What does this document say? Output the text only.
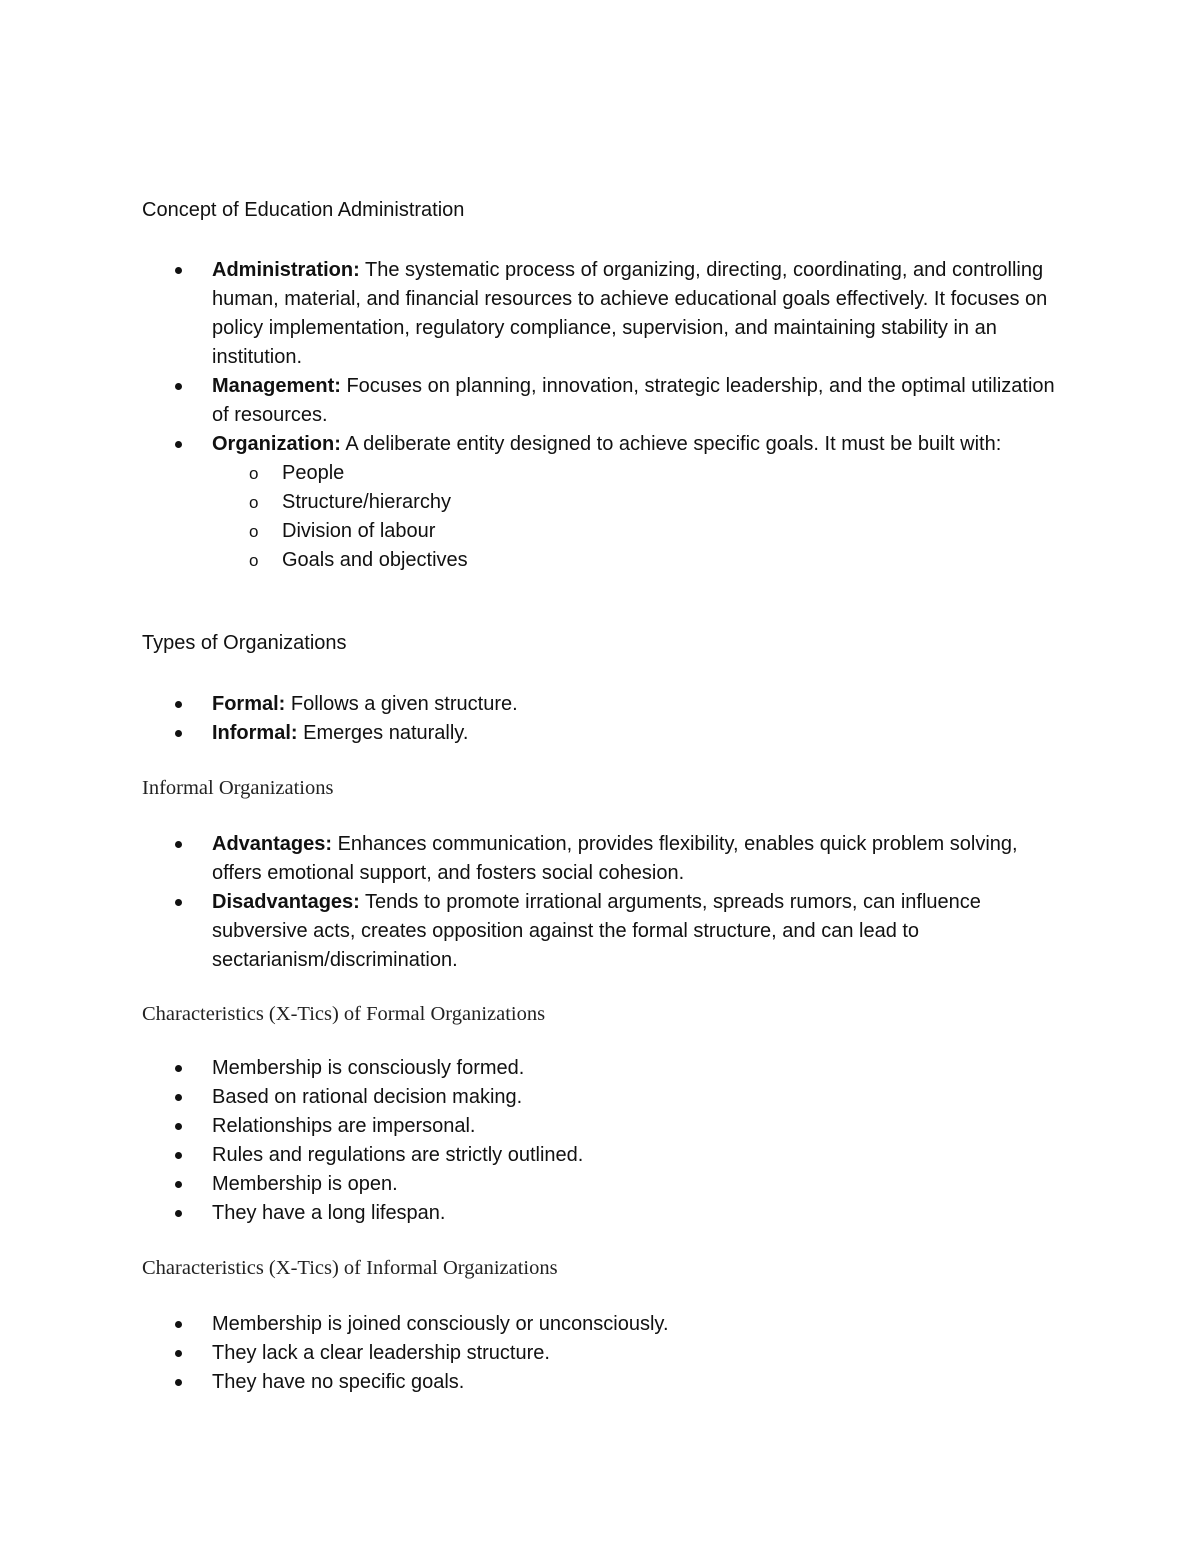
Concept of Education Administration
Administration: The systematic process of organizing, directing, coordinating, and controlling human, material, and financial resources to achieve educational goals effectively. It focuses on policy implementation, regulatory compliance, supervision, and maintaining stability in an institution.
Management: Focuses on planning, innovation, strategic leadership, and the optimal utilization of resources.
Organization: A deliberate entity designed to achieve specific goals. It must be built with:
o People
o Structure/hierarchy
o Division of labour
o Goals and objectives
Types of Organizations
Formal: Follows a given structure.
Informal: Emerges naturally.
Informal Organizations
Advantages: Enhances communication, provides flexibility, enables quick problem solving, offers emotional support, and fosters social cohesion.
Disadvantages: Tends to promote irrational arguments, spreads rumors, can influence subversive acts, creates opposition against the formal structure, and can lead to sectarianism/discrimination.
Characteristics (X-Tics) of Formal Organizations
Membership is consciously formed.
Based on rational decision making.
Relationships are impersonal.
Rules and regulations are strictly outlined.
Membership is open.
They have a long lifespan.
Characteristics (X-Tics) of Informal Organizations
Membership is joined consciously or unconsciously.
They lack a clear leadership structure.
They have no specific goals.
